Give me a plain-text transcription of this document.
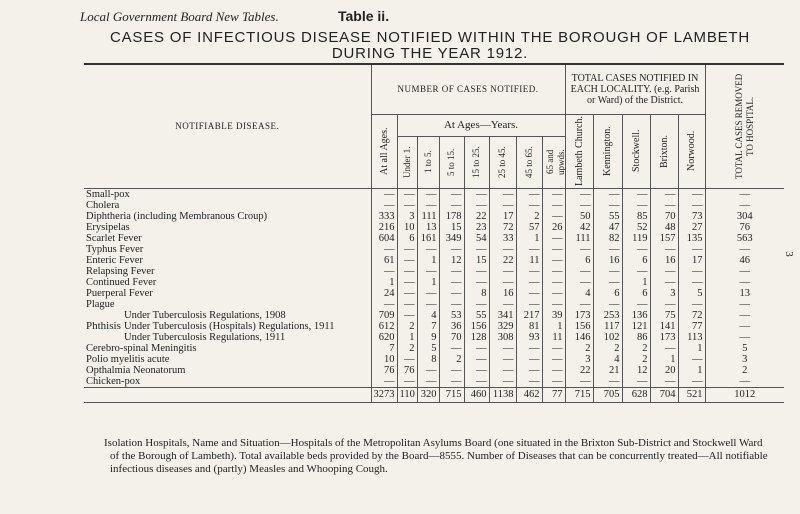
Local Government Board New Tables.	Table ii.
CASES OF INFECTIOUS DISEASE NOTIFIED WITHIN THE BOROUGH OF LAMBETH
DURING THE YEAR 1912.
NOTIFIABLE DISEASE.	NUMBER OF CASES NOTIFIED.								TOTAL CASES NOTIFIED IN EACH LOCALITY. (e.g. Parish or Ward) of the District.					TOTAL CASES REMOVED TO HOSPITAL.

	At all Ages.	At Ages—Years.							Lambeth Church.	Kennington.	Stockwell.	Brixton.	Norwood.	

		Under 1.	1 to 5.	5 to 15.	15 to 25.	25 to 45.	45 to 65.	65 and upwds.						

Small-pox	—	—	—	—	—	—	—	—	—	—	—	—	—	—
Cholera	—	—	—	—	—	—	—	—	—	—	—	—	—	—
Diphtheria (including Membranous Croup)	333	3	111	178	22	17	2	—	50	55	85	70	73	304
Erysipelas	216	10	13	15	23	72	57	26	42	47	52	48	27	76
Scarlet Fever	604	6	161	349	54	33	1	—	111	82	119	157	135	563
Typhus Fever	—	—	—	—	—	—	—	—	—	—	—	—	—	—
Enteric Fever	61	—	1	12	15	22	11	—	6	16	6	16	17	46
Relapsing Fever	—	—	—	—	—	—	—	—	—	—	—	—	—	—
Continued Fever	1	—	1	—	—	—	—	—	—	—	1	—	—	—
Puerperal Fever	24	—	—	—	8	16	—	—	4	6	6	3	5	13
Plague	—	—	—	—	—	—	—	—	—	—	—	—	—	—
Under Tuberculosis Regulations, 1908	709	—	4	53	55	341	217	39	173	253	136	75	72	—

Phthisis Under Tuberculosis (Hospitals) Regulations, 1911	612	2	7	36	156	329	81	1	156	117	121	141	77	—
Under Tuberculosis Regulations, 1911	620	1	9	70	128	308	93	11	146	102	86	173	113	—
Cerebro-spinal Meningitis	7	2	5	—	—	—	—	—	2	2	2	—	1	5
Polio myelitis acute	10	—	8	2	—	—	—	—	3	4	2	1	—	3
Opthalmia Neonatorum	76	76	—	—	—	—	—	—	22	21	12	20	1	2
Chicken-pox	—	—	—	—	—	—	—	—	—	—	—	—	—	—
	3273	110	320	715	460	1138	462	77	715	705	628	704	521	1012
3
Isolation Hospitals, Name and Situation—Hospitals of the Metropolitan Asylums Board (one situated in the Brixton Sub-District and Stockwell Ward of the Borough of Lambeth). Total available beds provided by the Board—8555. Number of Diseases that can be concurrently treated—All notifiable infectious diseases and (partly) Measles and Whooping Cough.
